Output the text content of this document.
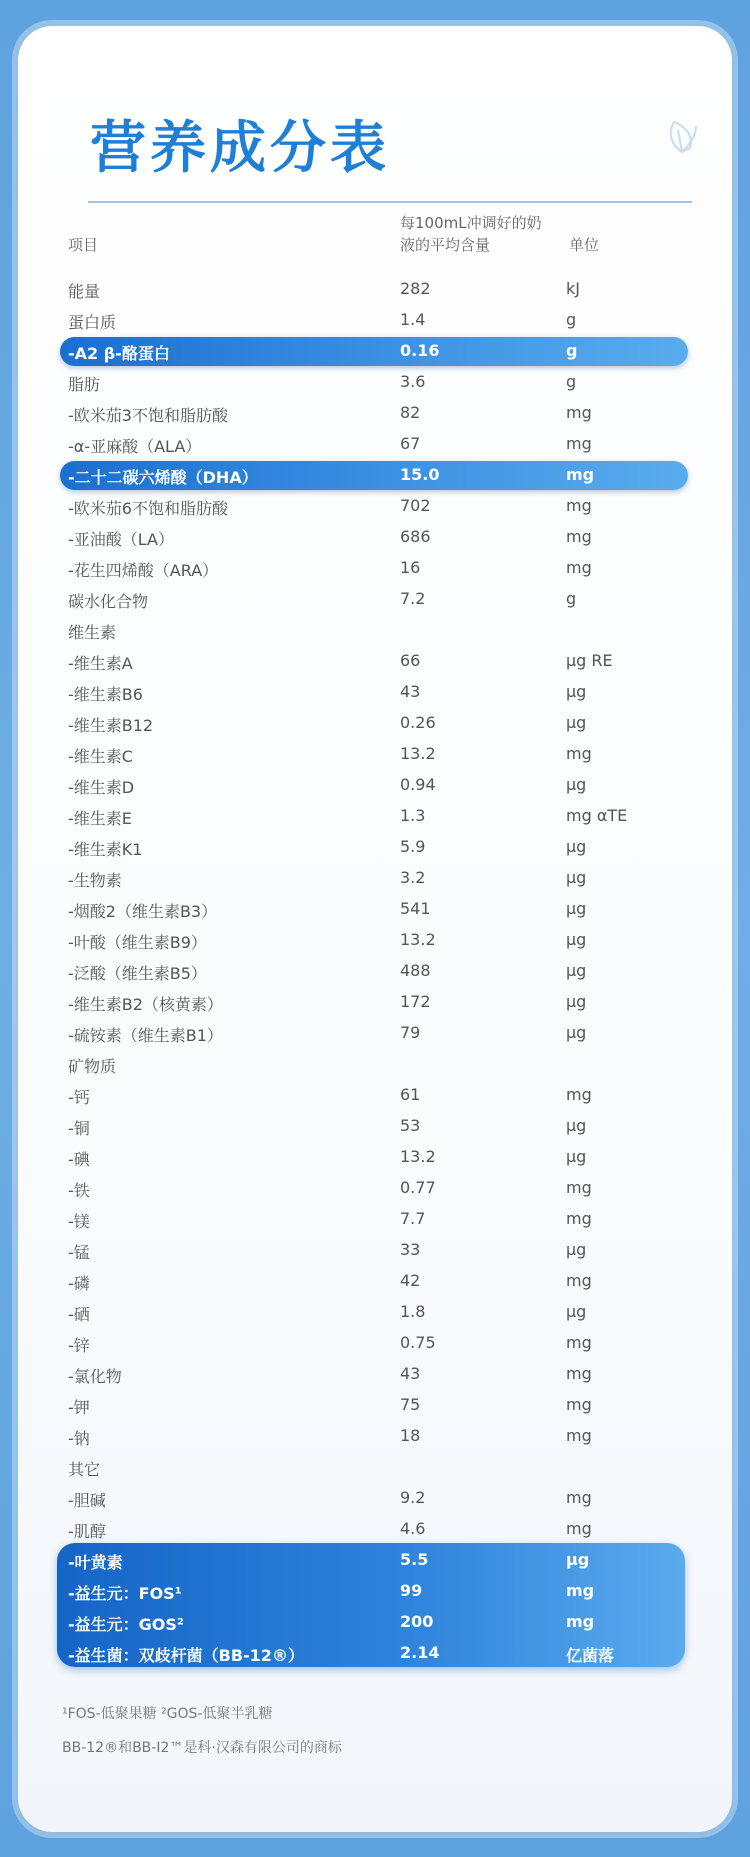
营养成分表
项目
每100mL冲调好的奶液的平均含量	单位
能量	282	kJ
蛋白质	1.4	g
-A2 β-酪蛋白	0.16	g
脂肪	3.6	g
-欧米茄3不饱和脂肪酸	82	mg
-α-亚麻酸（ALA）	67	mg
-二十二碳六烯酸（DHA）	15.0	mg
-欧米茄6不饱和脂肪酸	702	mg
-亚油酸（LA）	686	mg
-花生四烯酸（ARA）	16	mg
碳水化合物	7.2	g
维生素
-维生素A	66	μg RE
-维生素B6	43	μg
-维生素B12	0.26	μg
-维生素C	13.2	mg
-维生素D	0.94	μg
-维生素E	1.3	mg αTE
-维生素K1	5.9	μg
-生物素	3.2	μg
-烟酸2（维生素B3）	541	μg
-叶酸（维生素B9）	13.2	μg
-泛酸（维生素B5）	488	μg
-维生素B2（核黄素）	172	μg
-硫铵素（维生素B1）	79	μg
矿物质
-钙	61	mg
-铜	53	μg
-碘	13.2	μg
-铁	0.77	mg
-镁	7.7	mg
-锰	33	μg
-磷	42	mg
-硒	1.8	μg
-锌	0.75	mg
-氯化物	43	mg
-钾	75	mg
-钠	18	mg
其它
-胆碱	9.2	mg
-肌醇	4.6	mg
-叶黄素	5.5	μg
-益生元：FOS¹	99	mg
-益生元：GOS²	200	mg
-益生菌：双歧杆菌（BB-12®）	2.14	亿菌落
¹FOS-低聚果糖 ²GOS-低聚半乳糖
BB-12®和BB-I2™是科·汉森有限公司的商标
